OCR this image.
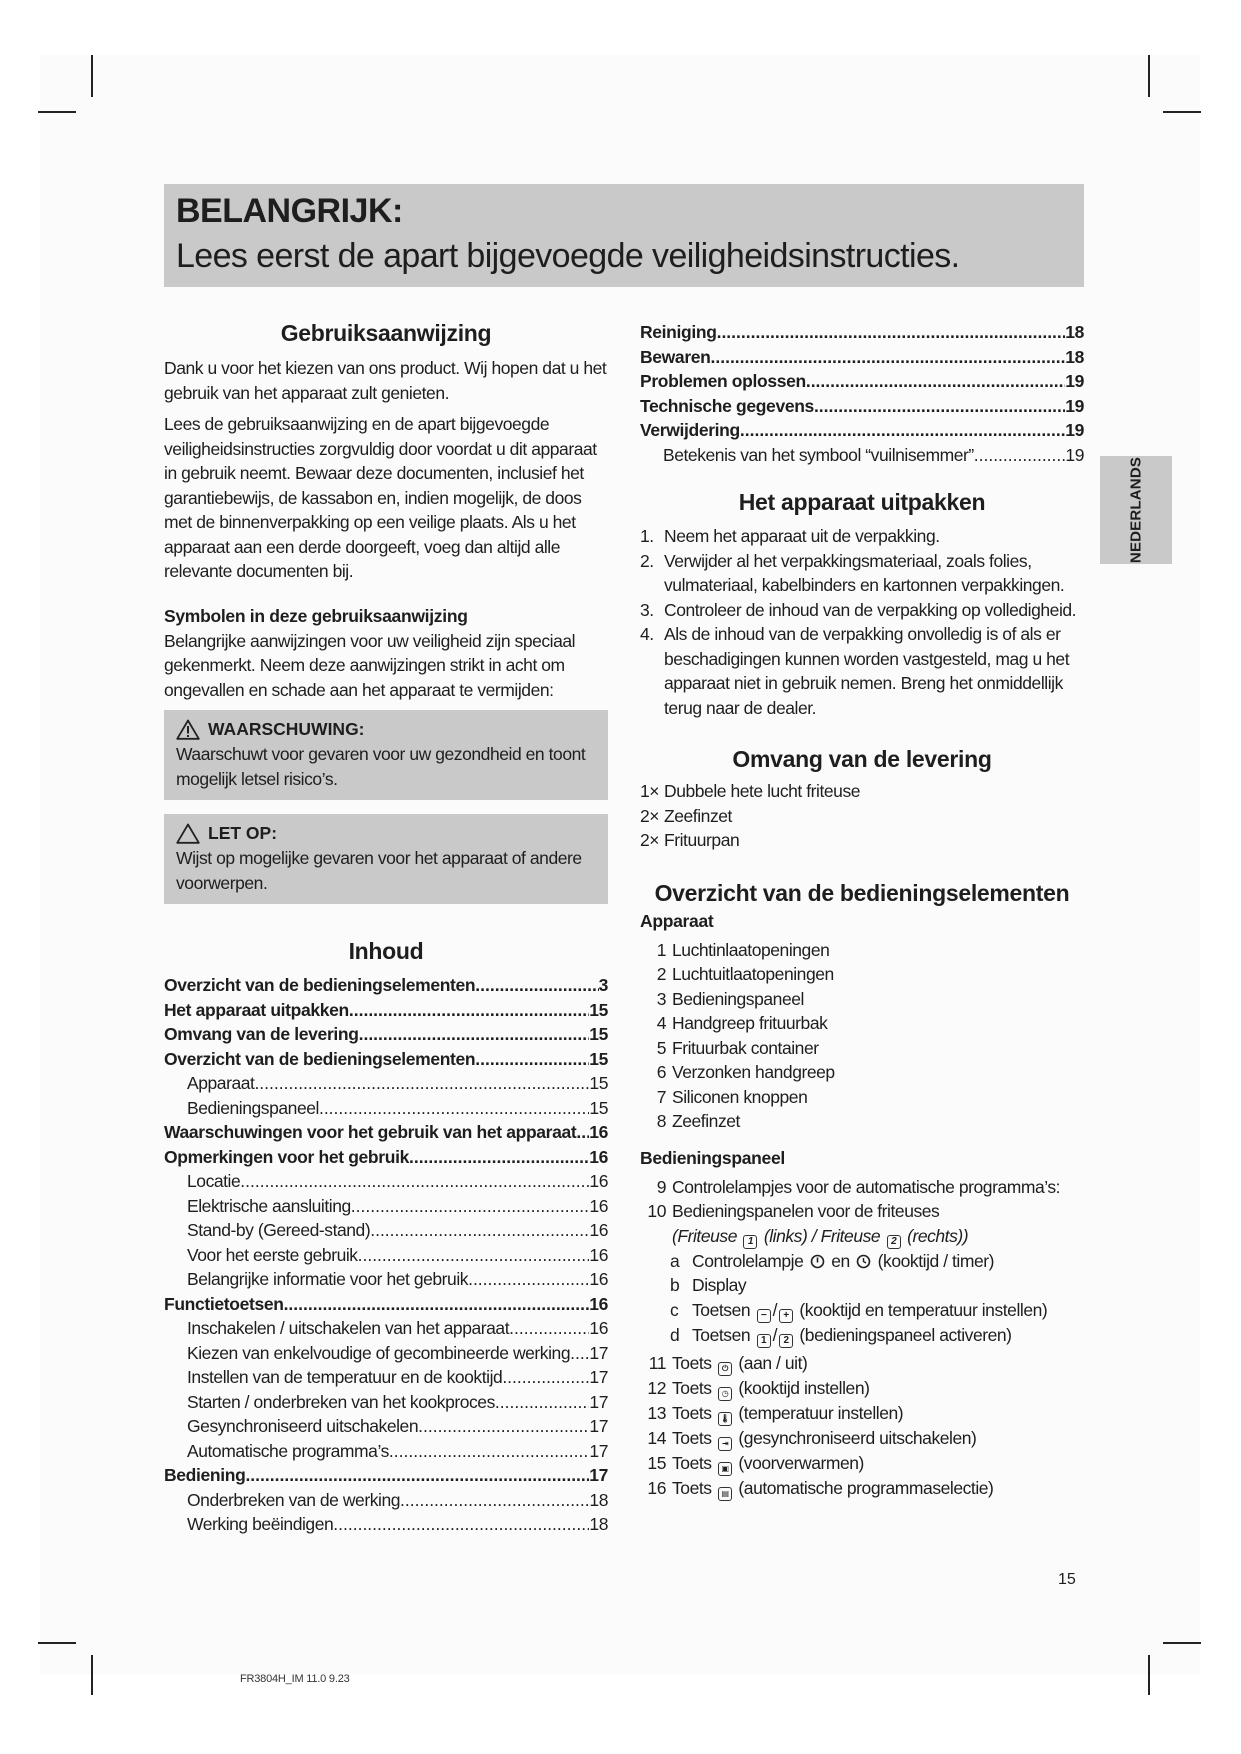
BELANGRIJK:
Lees eerst de apart bijgevoegde veiligheidsinstructies.
Gebruiksaanwijzing

Dank u voor het kiezen van ons product. Wij hopen dat u het gebruik van het apparaat zult genieten.

Lees de gebruiksaanwijzing en de apart bijgevoegde veiligheidsinstructies zorgvuldig door voordat u dit apparaat in gebruik neemt. Bewaar deze documenten, inclusief het garantiebewijs, de kassabon en, indien mogelijk, de doos met de binnenverpakking op een veilige plaats. Als u het apparaat aan een derde doorgeeft, voeg dan altijd alle relevante documenten bij.

Symbolen in deze gebruiksaanwijzing

Belangrijke aanwijzingen voor uw veiligheid zijn speciaal gekenmerkt. Neem deze aanwijzingen strikt in acht om ongevallen en schade aan het apparaat te vermijden:

WAARSCHUWING:
Waarschuwt voor gevaren voor uw gezondheid en toont mogelijk letsel risico’s.
LET OP:
Wijst op mogelijke gevaren voor het apparaat of andere voorwerpen.
Inhoud
Overzicht van de bedieningselementen .....	3
Het apparaat uitpakken .....	15
Omvang van de levering .....	15
Overzicht van de bedieningselementen .....	15
Apparaat .....	15
Bedieningspaneel .....	15
Waarschuwingen voor het gebruik van het apparaat ..... 16
Opmerkingen voor het gebruik .....	16
Locatie .....	16
Elektrische aansluiting .....	16
Stand-by (Gereed-stand) .....	16
Voor het eerste gebruik .....	16
Belangrijke informatie voor het gebruik .....	16
Functietoetsen .....	16
Inschakelen / uitschakelen van het apparaat .....	16
Kiezen van enkelvoudige of gecombineerde werking ..... 17
Instellen van de temperatuur en de kooktijd .....	17
Starten / onderbreken van het kookproces .....	17
Gesynchroniseerd uitschakelen .....	17
Automatische programma’s .....	17
Bediening .....	17
Onderbreken van de werking .....	18
Werking beëindigen .....	18
Reiniging .....	18
Bewaren .....	18
Problemen oplossen .....	19
Technische gegevens .....	19
Verwijdering .....	19
Betekenis van het symbool “vuilnisemmer” .....	19
Het apparaat uitpakken
1. Neem het apparaat uit de verpakking.
2. Verwijder al het verpakkingsmateriaal, zoals folies, vulmateriaal, kabelbinders en kartonnen verpakkingen.
3. Controleer de inhoud van de verpakking op volledigheid.
4. Als de inhoud van de verpakking onvolledig is of als er beschadigingen kunnen worden vastgesteld, mag u het apparaat niet in gebruik nemen. Breng het onmiddellijk terug naar de dealer.
Omvang van de levering
1× Dubbele hete lucht friteuse
2× Zeefinzet
2× Frituurpan
Overzicht van de bedieningselementen
Apparaat
1 Luchtinlaatopeningen
2 Luchtuitlaatopeningen
3 Bedieningspaneel
4 Handgreep frituurbak
5 Frituurbak container
6 Verzonken handgreep
7 Siliconen knoppen
8 Zeefinzet
Bedieningspaneel
9 Controlelampjes voor de automatische programma’s:
10 Bedieningspanelen voor de friteuses
(Friteuse	1 (links) / Friteuse	2 (rechts))
a Controlelampje en (kooktijd / timer)
b Display
c Toetsen	− / + (kooktijd en temperatuur instellen)
d Toetsen	1 / 2 (bedieningspaneel activeren)
11 Toets	⏻ (aan / uit)
12 Toets	◷ (kooktijd instellen)
13 Toets 🌡 (temperatuur instellen)
14 Toets	⇥ (gesynchroniseerd uitschakelen)
15 Toets	▣ (voorverwarmen)
16 Toets	▤ (automatische programmaselectie)
NEDERLANDS
15
FR3804H_IM 11.0 9.23
